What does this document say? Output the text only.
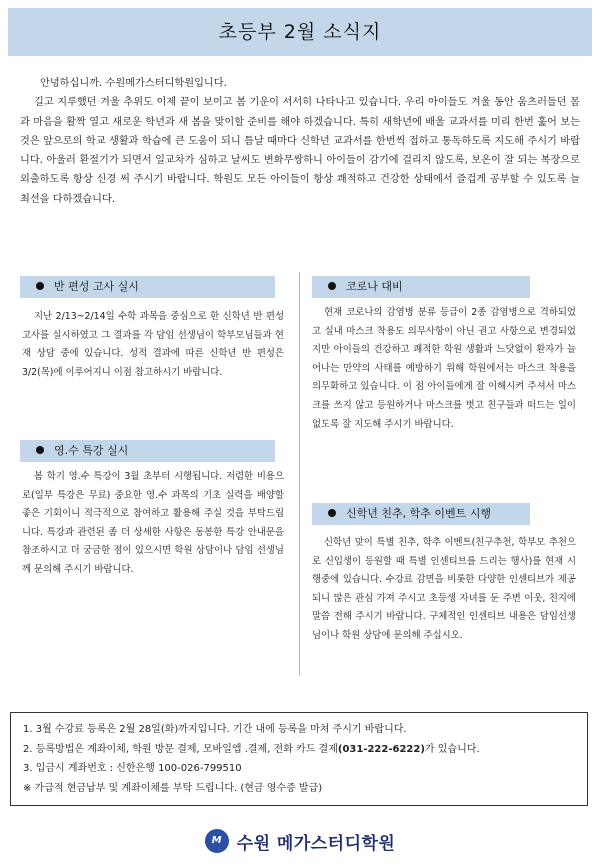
초등부 2월 소식지

안녕하십니까. 수원메가스터디학원입니다.

길고 지루했던 겨울 추위도 이제 끝이 보이고 봄 기운이 서서히 나타나고 있습니다. 우리 아이들도 겨울 동안 움츠러들던 몸과 마음을 활짝 열고 새로운 학년과 새 봄을 맞이할 준비를 해야 하겠습니다. 특히 새학년에 배울 교과서를 미리 한번 훑어 보는 것은 앞으로의 학교 생활과 학습에 큰 도움이 되니 틈날 때마다 신학년 교과서를 한번씩 접하고 통독하도록 지도해 주시기 바랍니다. 아울러 환절기가 되면서 일교차가 심하고 날씨도 변화무쌍하니 아이들이 감기에 걸리지 않도록, 보온이 잘 되는 복장으로 외출하도록 항상 신경 써 주시기 바랍니다. 학원도 모든 아이들이 항상 쾌적하고 건강한 상태에서 즐겁게 공부할 수 있도록 늘 최선을 다하겠습니다.

반 편성 고사 실시

지난 2/13~2/14일 수학 과목을 중심으로 한 신학년 반 편성고사를 실시하였고 그 결과를 각 담임 선생님이 학부모님들과 현재 상담 중에 있습니다. 성적 결과에 따른 신학년 반 편성은 3/2(목)에 이루어지니 이점 참고하시기 바랍니다.

영.수 특강 실시

봄 학기 영.수 특강이 3월 초부터 시행됩니다. 저렴한 비용으로(일부 특강은 무료) 중요한 영.수 과목의 기초 실력을 배양할 좋은 기회이니 적극적으로 참여하고 활용해 주실 것을 부탁드립니다. 특강과 관련된 좀 더 상세한 사항은 동봉한 특강 안내문을 참조하시고 더 궁금한 점이 있으시면 학원 상담이나 담임 선생님께 문의해 주시기 바랍니다.

코로나 대비

현재 코로나의 감염병 분류 등급이 2종 감염병으로 격하되었고 실내 마스크 착용도 의무사항이 아닌 권고 사항으로 변경되었지만 아이들의 건강하고 쾌적한 학원 생활과 느닷없이 환자가 늘어나는 만약의 사태를 예방하기 위해 학원에서는 마스크 착용을 의무화하고 있습니다. 이 점 아이들에게 잘 이해시켜 주셔서 마스크를 쓰지 않고 등원하거나 마스크를 벗고 친구들과 떠드는 일이 없도록 잘 지도해 주시기 바랍니다.

신학년 친추, 학추 이벤트 시행

신학년 맞이 특별 친추, 학추 이벤트(친구추천, 학부모 추천으로 신입생이 등원할 때 특별 인센티브를 드리는 행사)를 현재 시행중에 있습니다. 수강료 감면을 비롯한 다양한 인센티브가 제공되니 많은 관심 가져 주시고 초등생 자녀를 둔 주변 이웃, 친지에 말씀 전해 주시기 바랍니다. 구체적인 인센티브 내용은 담임선생님이나 학원 상담에 문의해 주십시오.

1. 3월 수강료 등록은 2월 28일(화)까지입니다. 기간 내에 등록을 마쳐 주시기 바랍니다.
2. 등록방법은 계좌이체, 학원 방문 결제, 모바일앱 .결제, 전화 카드 결제(031-222-6222)가 있습니다.
3. 입금시 계좌번호 : 신한은행 100-026-799510
※ 가급적 현금납부 및 계좌이체를 부탁 드립니다. (현금 영수증 발급)
M 수원 메가스터디학원
